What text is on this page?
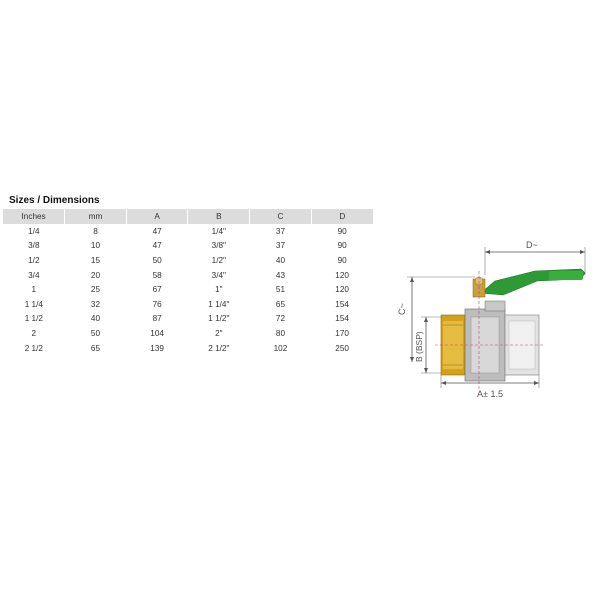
Sizes / Dimensions
Inches	mm	A	B	C	D
1/4	8	47	1/4"	37	90
3/8	10	47	3/8"	37	90
1/2	15	50	1/2"	40	90
3/4	20	58	3/4"	43	120
1	25	67	1"	51	120
1 1/4	32	76	1 1/4"	65	154
1 1/2	40	87	1 1/2"	72	154
2	50	104	2"	80	170
2 1/2	65	139	2 1/2"	102	250
D~
C~
B (BSP)
A± 1.5
